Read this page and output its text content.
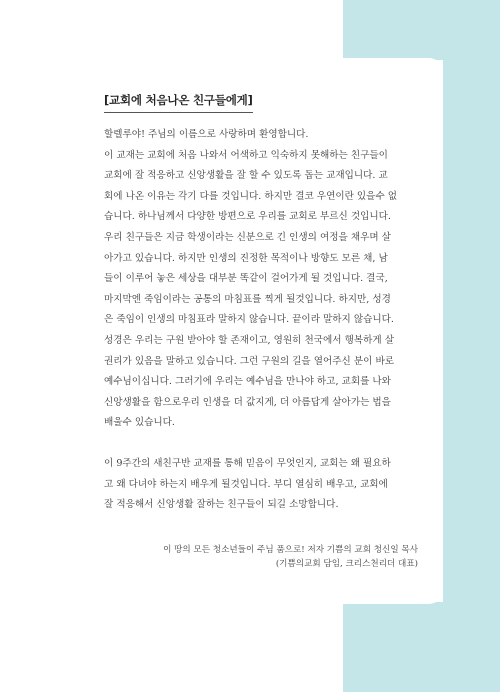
[교회에 처음나온 친구들에게]
할렐루야! 주님의 이름으로 사랑하며 환영합니다.
이 교재는 교회에 처음 나와서 어색하고 익숙하지 못해하는 친구들이
교회에 잘 적응하고 신앙생활을 잘 할 수 있도록 돕는 교재입니다. 교
회에 나온 이유는 각기 다를 것입니다. 하지만 결코 우연이란 있을수 없
습니다. 하나님께서 다양한 방편으로 우리를 교회로 부르신 것입니다.
우리 친구들은 지금 학생이라는 신분으로 긴 인생의 여정을 채우며 살
아가고 있습니다. 하지만 인생의 진정한 목적이나 방향도 모른 채, 남
들이 이루어 놓은 세상을 대부분 똑같이 걸어가게 될 것입니다. 결국,
마지막엔 죽임이라는 공통의 마침표를 찍게 될것입니다. 하지만, 성경
은 죽임이 인생의 마침표라 말하지 않습니다. 끝이라 말하지 않습니다.
성경은 우리는 구원 받아야 할 존재이고, 영원히 천국에서 행복하게 살
권리가 있음을 말하고 있습니다. 그런 구원의 길을 열어주신 분이 바로
예수님이십니다. 그러기에 우리는 예수님을 만나야 하고, 교회를 나와
신앙생활을 함으로우리 인생을 더 값지게, 더 아름답게 살아가는 법을
배울수 있습니다.
이 9주간의 새친구반 교재를 통해 믿음이 무엇인지, 교회는 왜 필요하
고 왜 다녀야 하는지 배우게 될것입니다. 부디 열심히 배우고, 교회에
잘 적응해서 신앙생활 잘하는 친구들이 되길 소망합니다.
이 땅의 모든 청소년들이 주님 품으로! 저자 기쁨의 교회 청신일 목사
(기쁨의교회 담임, 크리스천리더 대표)
